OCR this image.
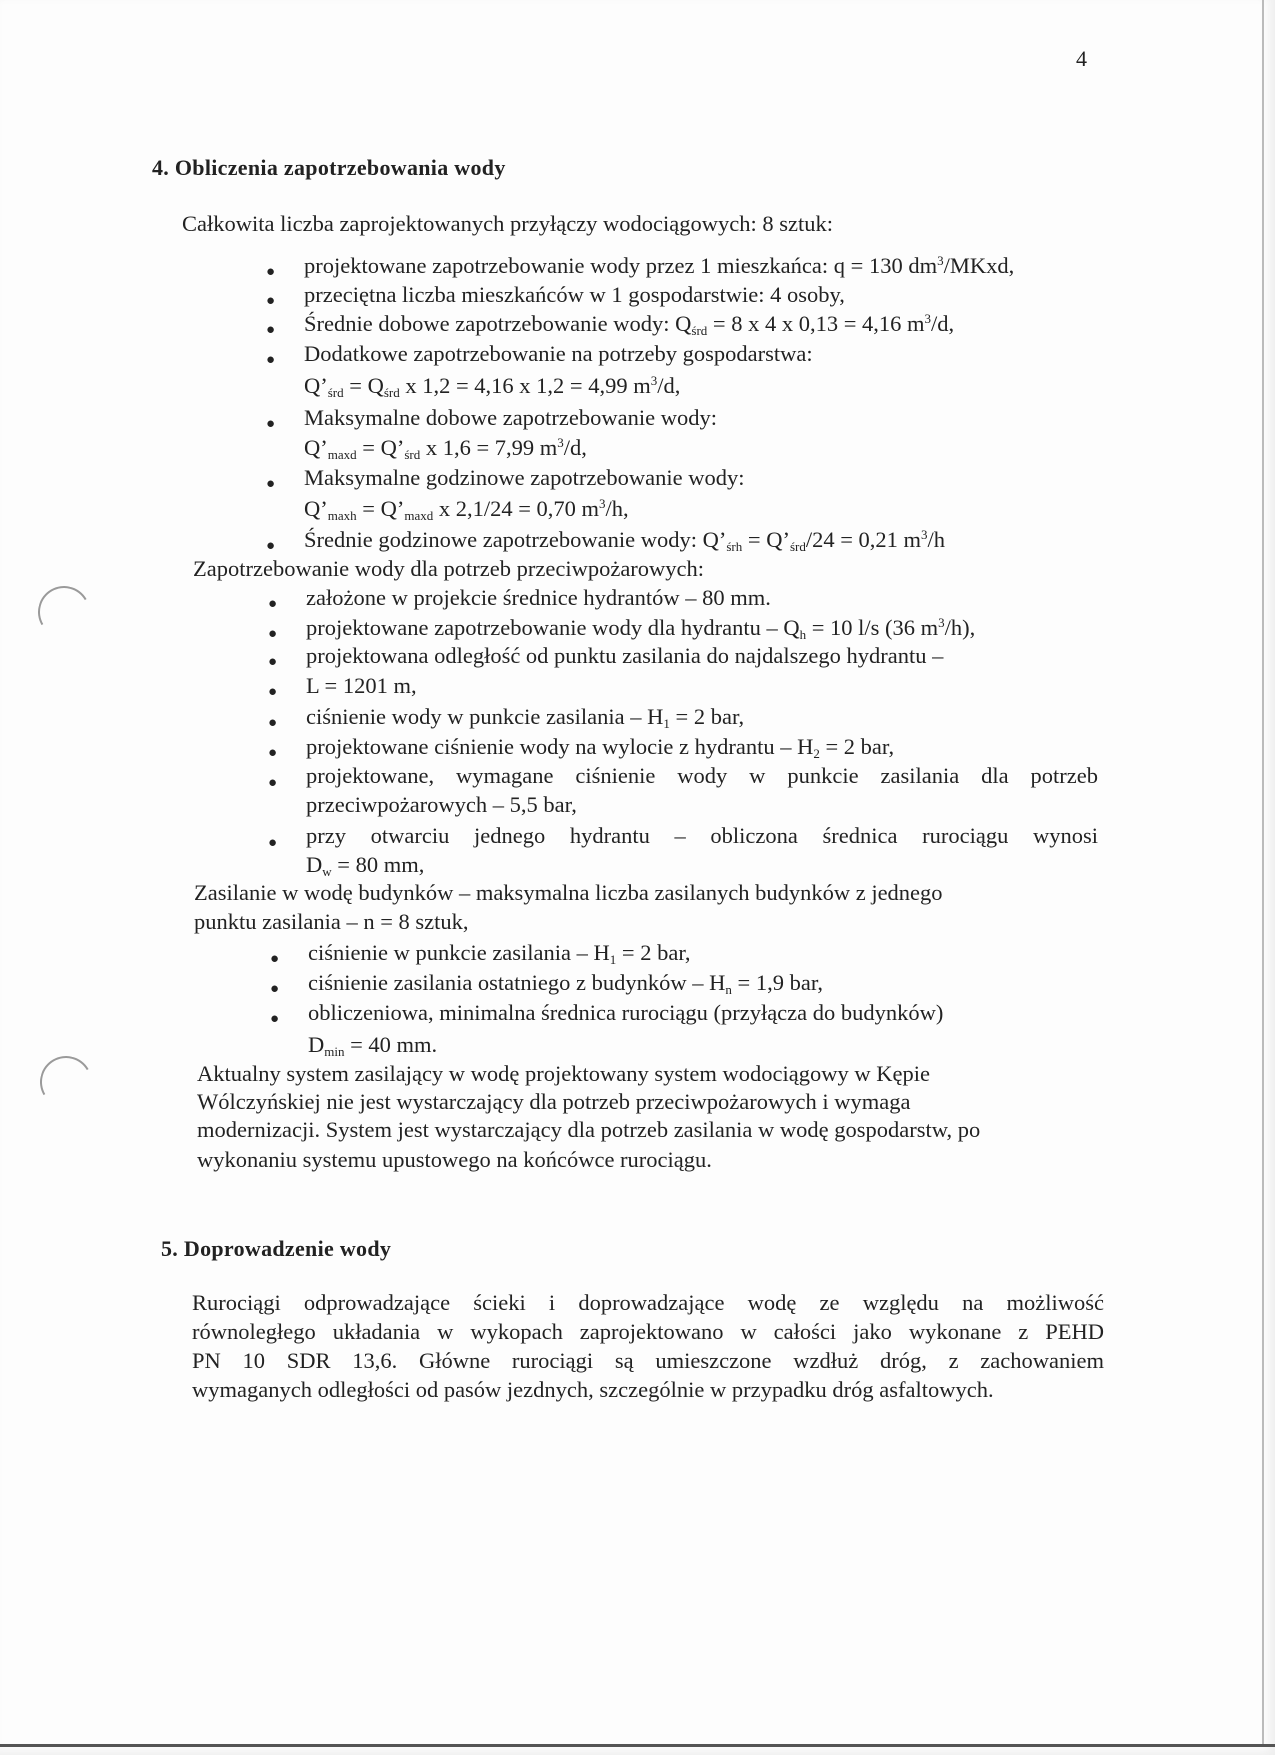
4
4. Obliczenia zapotrzebowania wody
Całkowita liczba zaprojektowanych przyłączy wodociągowych: 8 sztuk:
● projektowane zapotrzebowanie wody przez 1 mieszkańca: q = 130 $dm^3$/MKxd,
● przeciętna liczba mieszkańców w 1 gospodarstwie: 4 osoby,
● Średnie dobowe zapotrzebowanie wody: $Q_{śrd} = 8$ x 4 x 0,13 = 4,16 $m^3/d$,
● Dodatkowe zapotrzebowanie na potrzeby gospodarstwa:
$Q’_{śrd} = Q_{śrd}$ x 1,2 = 4,16 x 1,2 = 4,99 $m^3/d$,
● Maksymalne dobowe zapotrzebowanie wody:
$Q’_{maxd}$ = $Q’_{śrd}$ x 1,6 = 7,99 $m^3/d$,
● Maksymalne godzinowe zapotrzebowanie wody:
$Q’_{maxh}$ = $Q’_{maxd}$ x 2,1/24 = 0,70 $m^3/h$,
● Średnie godzinowe zapotrzebowanie wody: $Q’_{śrh}$ = $Q’_{śrd}/24 = 0,21$ $m^3/h$
Zapotrzebowanie wody dla potrzeb przeciwpożarowych:
● założone w projekcie średnice hydrantów – 80 mm.
● projektowane zapotrzebowanie wody dla hydrantu – $Q_h = 10$ l/s (36 $m^3/h$),
● projektowana odległość od punktu zasilania do najdalszego hydrantu –
● L = 1201 m,
● ciśnienie wody w punkcie zasilania – $H_1 = 2$ bar,
● projektowane ciśnienie wody na wylocie z hydrantu – $H_2 = 2$ bar,
● projektowane, wymagane ciśnienie wody w punkcie zasilania dla potrzeb
przeciwpożarowych – 5,5 bar,
● przy otwarciu jednego hydrantu – obliczona średnica rurociągu wynosi
$D_w = 80$ mm,
Zasilanie w wodę budynków – maksymalna liczba zasilanych budynków z jednego
punktu zasilania – n = 8 sztuk,
● ciśnienie w punkcie zasilania – $H_1 = 2$ bar,
● ciśnienie zasilania ostatniego z budynków – $H_n = 1,9$ bar,
● obliczeniowa, minimalna średnica rurociągu (przyłącza do budynków)
$D_{min} = 40$ mm.
Aktualny system zasilający w wodę projektowany system wodociągowy w Kępie
Wólczyńskiej nie jest wystarczający dla potrzeb przeciwpożarowych i wymaga
modernizacji. System jest wystarczający dla potrzeb zasilania w wodę gospodarstw, po
wykonaniu systemu upustowego na końcówce rurociągu.
5. Doprowadzenie wody
Rurociągi odprowadzające ścieki i doprowadzające wodę ze względu na możliwość
równoległego układania w wykopach zaprojektowano w całości jako wykonane z PEHD
PN 10 SDR 13,6. Główne rurociągi są umieszczone wzdłuż dróg, z zachowaniem
wymaganych odległości od pasów jezdnych, szczególnie w przypadku dróg asfaltowych.
